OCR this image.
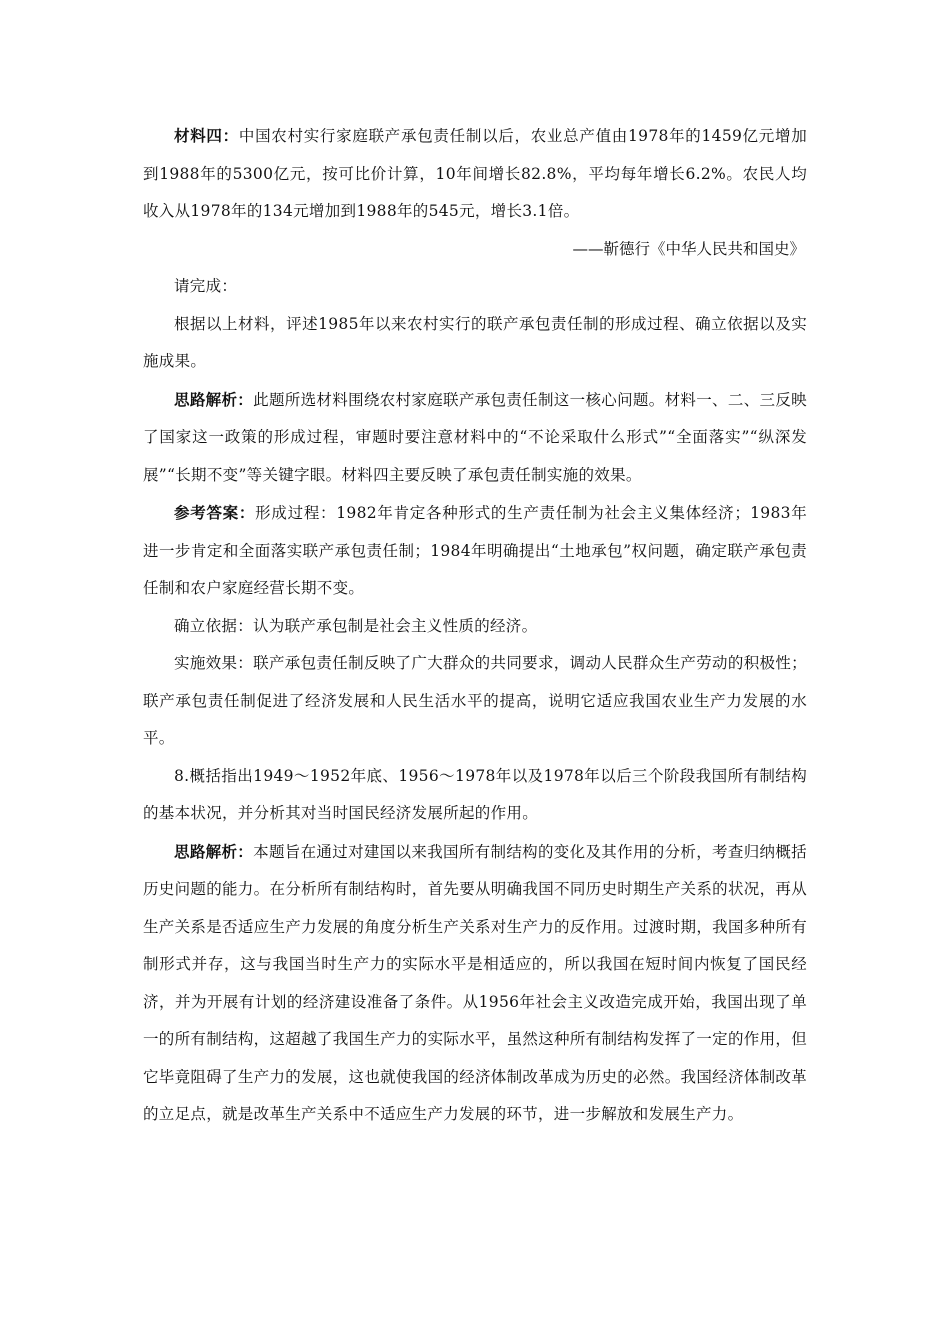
材料四：中国农村实行家庭联产承包责任制以后，农业总产值由1978年的1459亿元增加到1988年的5300亿元，按可比价计算，10年间增长82.8%，平均每年增长6.2%。农民人均收入从1978年的134元增加到1988年的545元，增长3.1倍。

——靳德行《中华人民共和国史》

请完成：

根据以上材料，评述1985年以来农村实行的联产承包责任制的形成过程、确立依据以及实施成果。

思路解析：此题所选材料围绕农村家庭联产承包责任制这一核心问题。材料一、二、三反映了国家这一政策的形成过程，审题时要注意材料中的“不论采取什么形式”“全面落实”“纵深发展”“长期不变”等关键字眼。材料四主要反映了承包责任制实施的效果。

参考答案：形成过程：1982年肯定各种形式的生产责任制为社会主义集体经济；1983年进一步肯定和全面落实联产承包责任制；1984年明确提出“土地承包”权问题，确定联产承包责任制和农户家庭经营长期不变。

确立依据：认为联产承包制是社会主义性质的经济。

实施效果：联产承包责任制反映了广大群众的共同要求，调动人民群众生产劳动的积极性；联产承包责任制促进了经济发展和人民生活水平的提高，说明它适应我国农业生产力发展的水平。

8.概括指出1949～1952年底、1956～1978年以及1978年以后三个阶段我国所有制结构的基本状况，并分析其对当时国民经济发展所起的作用。

思路解析：本题旨在通过对建国以来我国所有制结构的变化及其作用的分析，考查归纳概括历史问题的能力。在分析所有制结构时，首先要从明确我国不同历史时期生产关系的状况，再从生产关系是否适应生产力发展的角度分析生产关系对生产力的反作用。过渡时期，我国多种所有制形式并存，这与我国当时生产力的实际水平是相适应的，所以我国在短时间内恢复了国民经济，并为开展有计划的经济建设准备了条件。从1956年社会主义改造完成开始，我国出现了单一的所有制结构，这超越了我国生产力的实际水平，虽然这种所有制结构发挥了一定的作用，但它毕竟阻碍了生产力的发展，这也就使我国的经济体制改革成为历史的必然。我国经济体制改革的立足点，就是改革生产关系中不适应生产力发展的环节，进一步解放和发展生产力。
